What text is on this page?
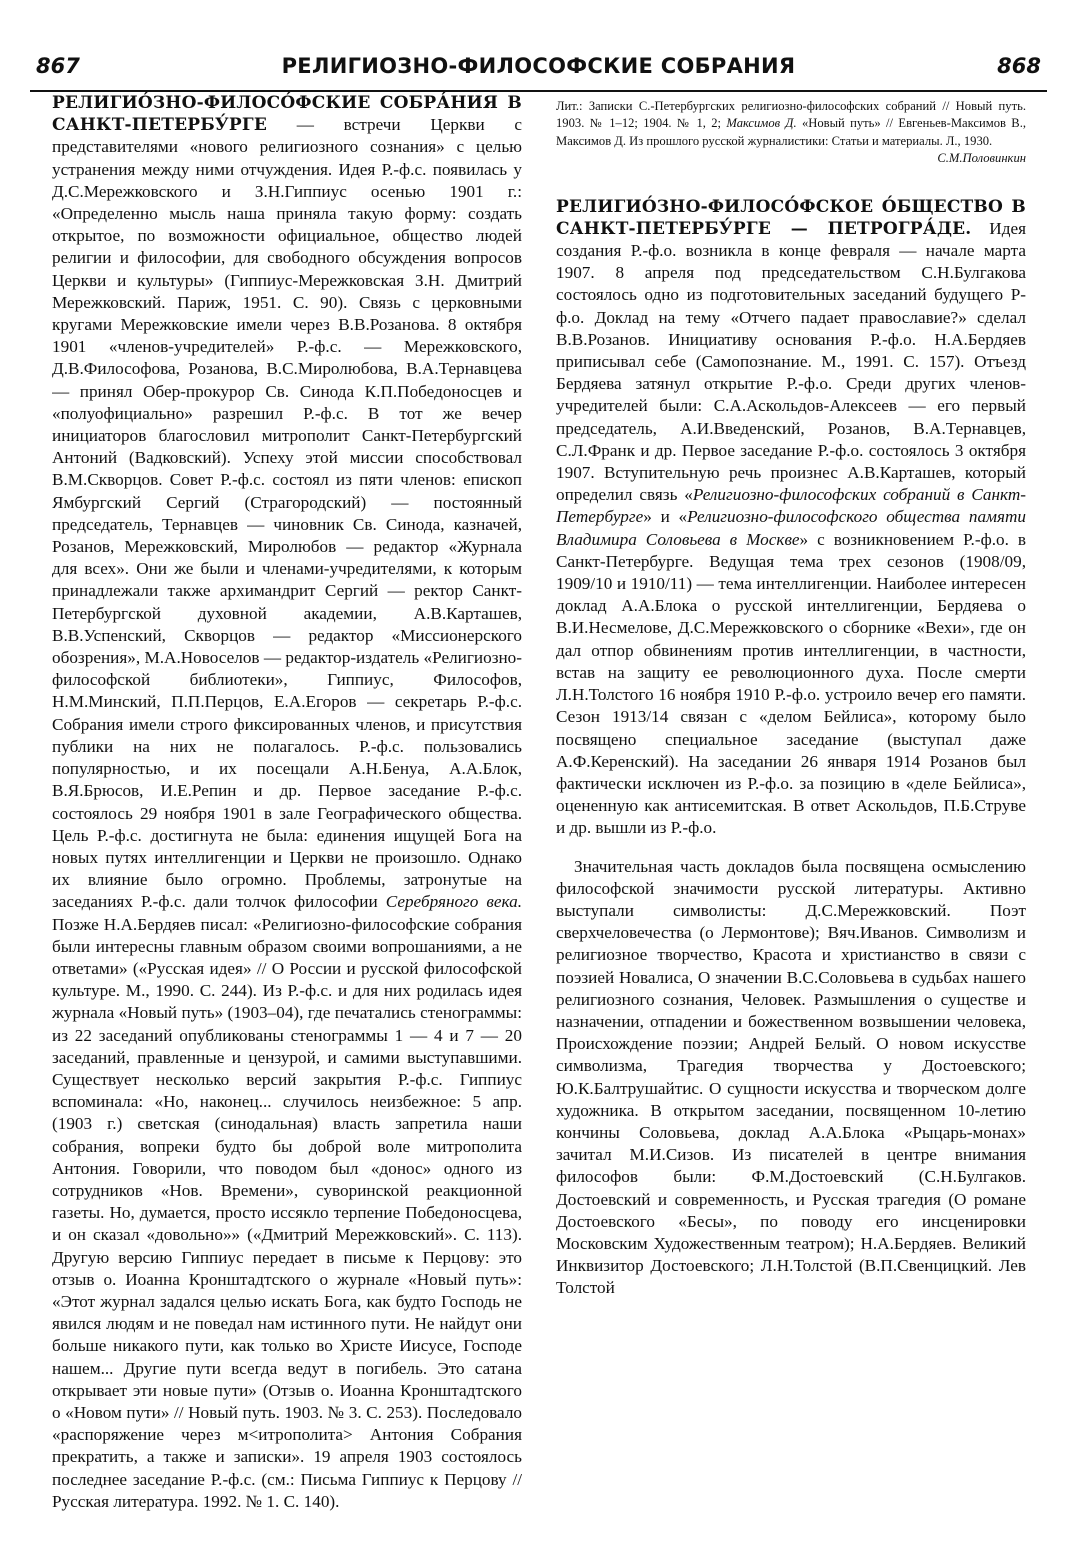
867	РЕЛИГИОЗНО-ФИЛОСОФСКИЕ СОБРАНИЯ	868

РЕЛИГИО́ЗНО-ФИЛОСО́ФСКИЕ СОБРА́НИЯ В САНКТ-ПЕТЕРБУ́РГЕ — встречи Церкви с представителями «нового религиозного сознания» с целью устранения между ними отчуждения. Идея Р.-ф.с. появилась у Д.С.Мережковского и З.Н.Гиппиус осенью 1901 г.: «Определенно мысль наша приняла такую форму: создать открытое, по возможности официальное, общество людей религии и философии, для свободного обсуждения вопросов Церкви и культуры» (Гиппиус-Мережковская З.Н. Дмитрий Мережковский. Париж, 1951. С. 90). Связь с церковными кругами Мережковские имели через В.В.Розанова. 8 октября 1901 «членов-учредителей» Р.-ф.с. — Мережковского, Д.В.Философова, Розанова, В.С.Миролюбова, В.А.Тернавцева — принял Обер-прокурор Св. Синода К.П.Победоносцев и «полуофициально» разрешил Р.-ф.с. В тот же вечер инициаторов благословил митрополит Санкт-Петербургский Антоний (Вадковский). Успеху этой миссии способствовал В.М.Скворцов. Совет Р.-ф.с. состоял из пяти членов: епископ Ямбургский Сергий (Страгородский) — постоянный председатель, Тернавцев — чиновник Св. Синода, казначей, Розанов, Мережковский, Миролюбов — редактор «Журнала для всех». Они же были и членами-учредителями, к которым принадлежали также архимандрит Сергий — ректор Санкт-Петербургской духовной академии, А.В.Карташев, В.В.Успенский, Скворцов — редактор «Миссионерского обозрения», М.А.Новоселов — редактор-издатель «Религиозно-философской библиотеки», Гиппиус, Философов, Н.М.Минский, П.П.Перцов, Е.А.Егоров — секретарь Р.-ф.с. Собрания имели строго фиксированных членов, и присутствия публики на них не полагалось. Р.-ф.с. пользовались популярностью, и их посещали А.Н.Бенуа, А.А.Блок, В.Я.Брюсов, И.Е.Репин и др. Первое заседание Р.-ф.с. состоялось 29 ноября 1901 в зале Географического общества. Цель Р.-ф.с. достигнута не была: единения ищущей Бога на новых путях интеллигенции и Церкви не произошло. Однако их влияние было огромно. Проблемы, затронутые на заседаниях Р.-ф.с. дали толчок философии Серебряного века. Позже Н.А.Бердяев писал: «Религиозно-философские собрания были интересны главным образом своими вопрошаниями, а не ответами» («Русская идея» // О России и русской философской культуре. М., 1990. С. 244). Из Р.-ф.с. и для них родилась идея журнала «Новый путь» (1903–04), где печатались стенограммы: из 22 заседаний опубликованы стенограммы 1 — 4 и 7 — 20 заседаний, правленные и цензурой, и самими выступавшими. Существует несколько версий закрытия Р.-ф.с. Гиппиус вспоминала: «Но, наконец... случилось неизбежное: 5 апр. (1903 г.) светская (синодальная) власть запретила наши собрания, вопреки будто бы доброй воле митрополита Антония. Говорили, что поводом был «донос» одного из сотрудников «Нов. Времени», суворинской реакционной газеты. Но, думается, просто иссякло терпение Победоносцева, и он сказал «довольно»» («Дмитрий Мережковский». С. 113). Другую версию Гиппиус передает в письме к Перцову: это отзыв о. Иоанна Кронштадтского о журнале «Новый путь»: «Этот журнал задался целью искать Бога, как будто Господь не явился людям и не поведал нам истинного пути. Не найдут они больше никакого пути, как только во Христе Иисусе, Господе нашем... Другие пути всегда ведут в погибель. Это сатана открывает эти новые пути» (Отзыв о. Иоанна Кронштадтского о «Новом пути» // Новый путь. 1903. № 3. С. 253). Последовало «распоряжение через м<итрополита> Антония Собрания прекратить, а также и записки». 19 апреля 1903 состоялось последнее заседание Р.-ф.с. (см.: Письма Гиппиус к Перцову // Русская литература. 1992. № 1. С. 140).

Лит.: Записки С.-Петербургских религиозно-философских собраний // Новый путь. 1903. № 1–12; 1904. № 1, 2; Максимов Д. «Новый путь» // Евгеньев-Максимов В., Максимов Д. Из прошлого русской журналистики: Статьи и материалы. Л., 1930.
С.М.Половинкин

РЕЛИГИО́ЗНО-ФИЛОСО́ФСКОЕ О́БЩЕСТВО В САНКТ-ПЕТЕРБУ́РГЕ — ПЕТРОГРА́ДЕ. Идея создания Р.-ф.о. возникла в конце февраля — начале марта 1907. 8 апреля под председательством С.Н.Булгакова состоялось одно из подготовительных заседаний будущего Р-ф.о. Доклад на тему «Отчего падает православие?» сделал В.В.Розанов. Инициативу основания Р.-ф.о. Н.А.Бердяев приписывал себе (Самопознание. М., 1991. С. 157). Отъезд Бердяева затянул открытие Р.-ф.о. Среди других членов-учредителей были: С.А.Аскольдов-Алексеев — его первый председатель, А.И.Введенский, Розанов, В.А.Тернавцев, С.Л.Франк и др. Первое заседание Р.-ф.о. состоялось 3 октября 1907. Вступительную речь произнес А.В.Карташев, который определил связь «Религиозно-философских собраний в Санкт-Петербурге» и «Религиозно-философского общества памяти Владимира Соловьева в Москве» с возникновением Р.-ф.о. в Санкт-Петербурге. Ведущая тема трех сезонов (1908/09, 1909/10 и 1910/11) — тема интеллигенции. Наиболее интересен доклад А.А.Блока о русской интеллигенции, Бердяева о В.И.Несмелове, Д.С.Мережковского о сборнике «Вехи», где он дал отпор обвинениям против интеллигенции, в частности, встав на защиту ее революционного духа. После смерти Л.Н.Толстого 16 ноября 1910 Р.-ф.о. устроило вечер его памяти. Сезон 1913/14 связан с «делом Бейлиса», которому было посвящено специальное заседание (выступал даже А.Ф.Керенский). На заседании 26 января 1914 Розанов был фактически исключен из Р.-ф.о. за позицию в «деле Бейлиса», оцененную как антисемитская. В ответ Аскольдов, П.Б.Струве и др. вышли из Р.-ф.о.

Значительная часть докладов была посвящена осмыслению философской значимости русской литературы. Активно выступали символисты: Д.С.Мережковский. Поэт сверхчеловечества (о Лермонтове); Вяч.Иванов. Символизм и религиозное творчество, Красота и христианство в связи с поэзией Новалиса, О значении В.С.Соловьева в судьбах нашего религиозного сознания, Человек. Размышления о существе и назначении, отпадении и божественном возвышении человека, Происхождение поэзии; Андрей Белый. О новом искусстве символизма, Трагедия творчества у Достоевского; Ю.К.Балтрушайтис. О сущности искусства и творческом долге художника. В открытом заседании, посвященном 10-летию кончины Соловьева, доклад А.А.Блока «Рыцарь-монах» зачитал М.И.Сизов. Из писателей в центре внимания философов были: Ф.М.Достоевский (С.Н.Булгаков. Достоевский и современность, и Русская трагедия (О романе Достоевского «Бесы», по поводу его инсценировки Московским Художественным театром); Н.А.Бердяев. Великий Инквизитор Достоевского; Л.Н.Толстой (В.П.Свенцицкий. Лев Толстой
